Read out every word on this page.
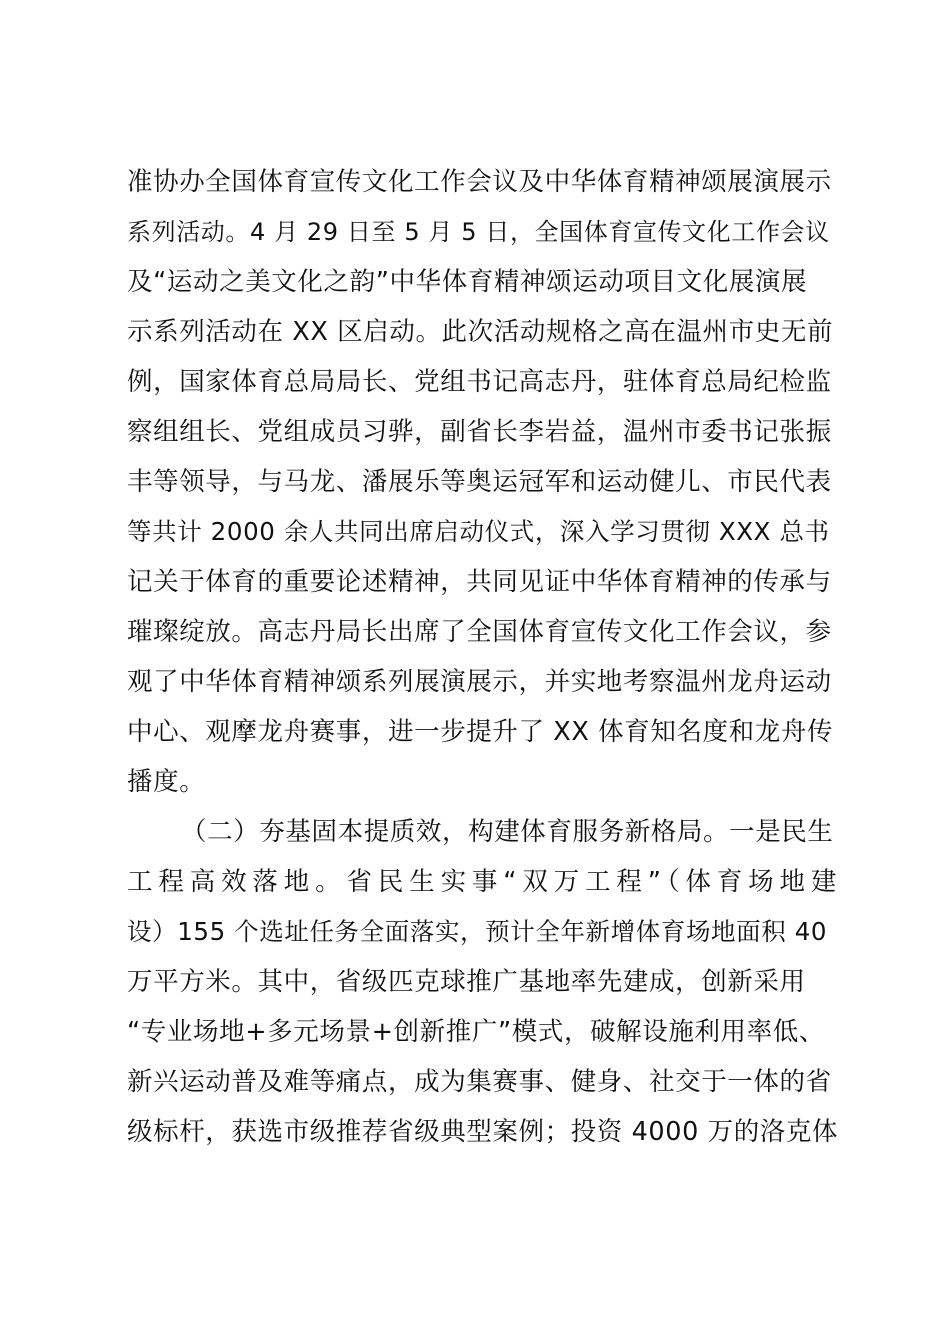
准协办全国体育宣传文化工作会议及中华体育精神颂展演展示
系列活动。4 月 29 日至 5 月 5 日，全国体育宣传文化工作会议
及“运动之美文化之韵”中华体育精神颂运动项目文化展演展
示系列活动在 XX 区启动。此次活动规格之高在温州市史无前
例，国家体育总局局长、党组书记高志丹，驻体育总局纪检监
察组组长、党组成员习骅，副省长李岩益，温州市委书记张振
丰等领导，与马龙、潘展乐等奥运冠军和运动健儿、市民代表
等共计 2000 余人共同出席启动仪式，深入学习贯彻 XXX 总书
记关于体育的重要论述精神，共同见证中华体育精神的传承与
璀璨绽放。高志丹局长出席了全国体育宣传文化工作会议，参
观了中华体育精神颂系列展演展示，并实地考察温州龙舟运动
中心、观摩龙舟赛事，进一步提升了 XX 体育知名度和龙舟传
播度。
（二）夯基固本提质效，构建体育服务新格局。一是民生
工程高效落地。省民生实事“双万工程”（体育场地建
设）155 个选址任务全面落实，预计全年新增体育场地面积 40
万平方米。其中，省级匹克球推广基地率先建成，创新采用
“专业场地+多元场景+创新推广”模式，破解设施利用率低、
新兴运动普及难等痛点，成为集赛事、健身、社交于一体的省
级标杆，获选市级推荐省级典型案例；投资 4000 万的洛克体
